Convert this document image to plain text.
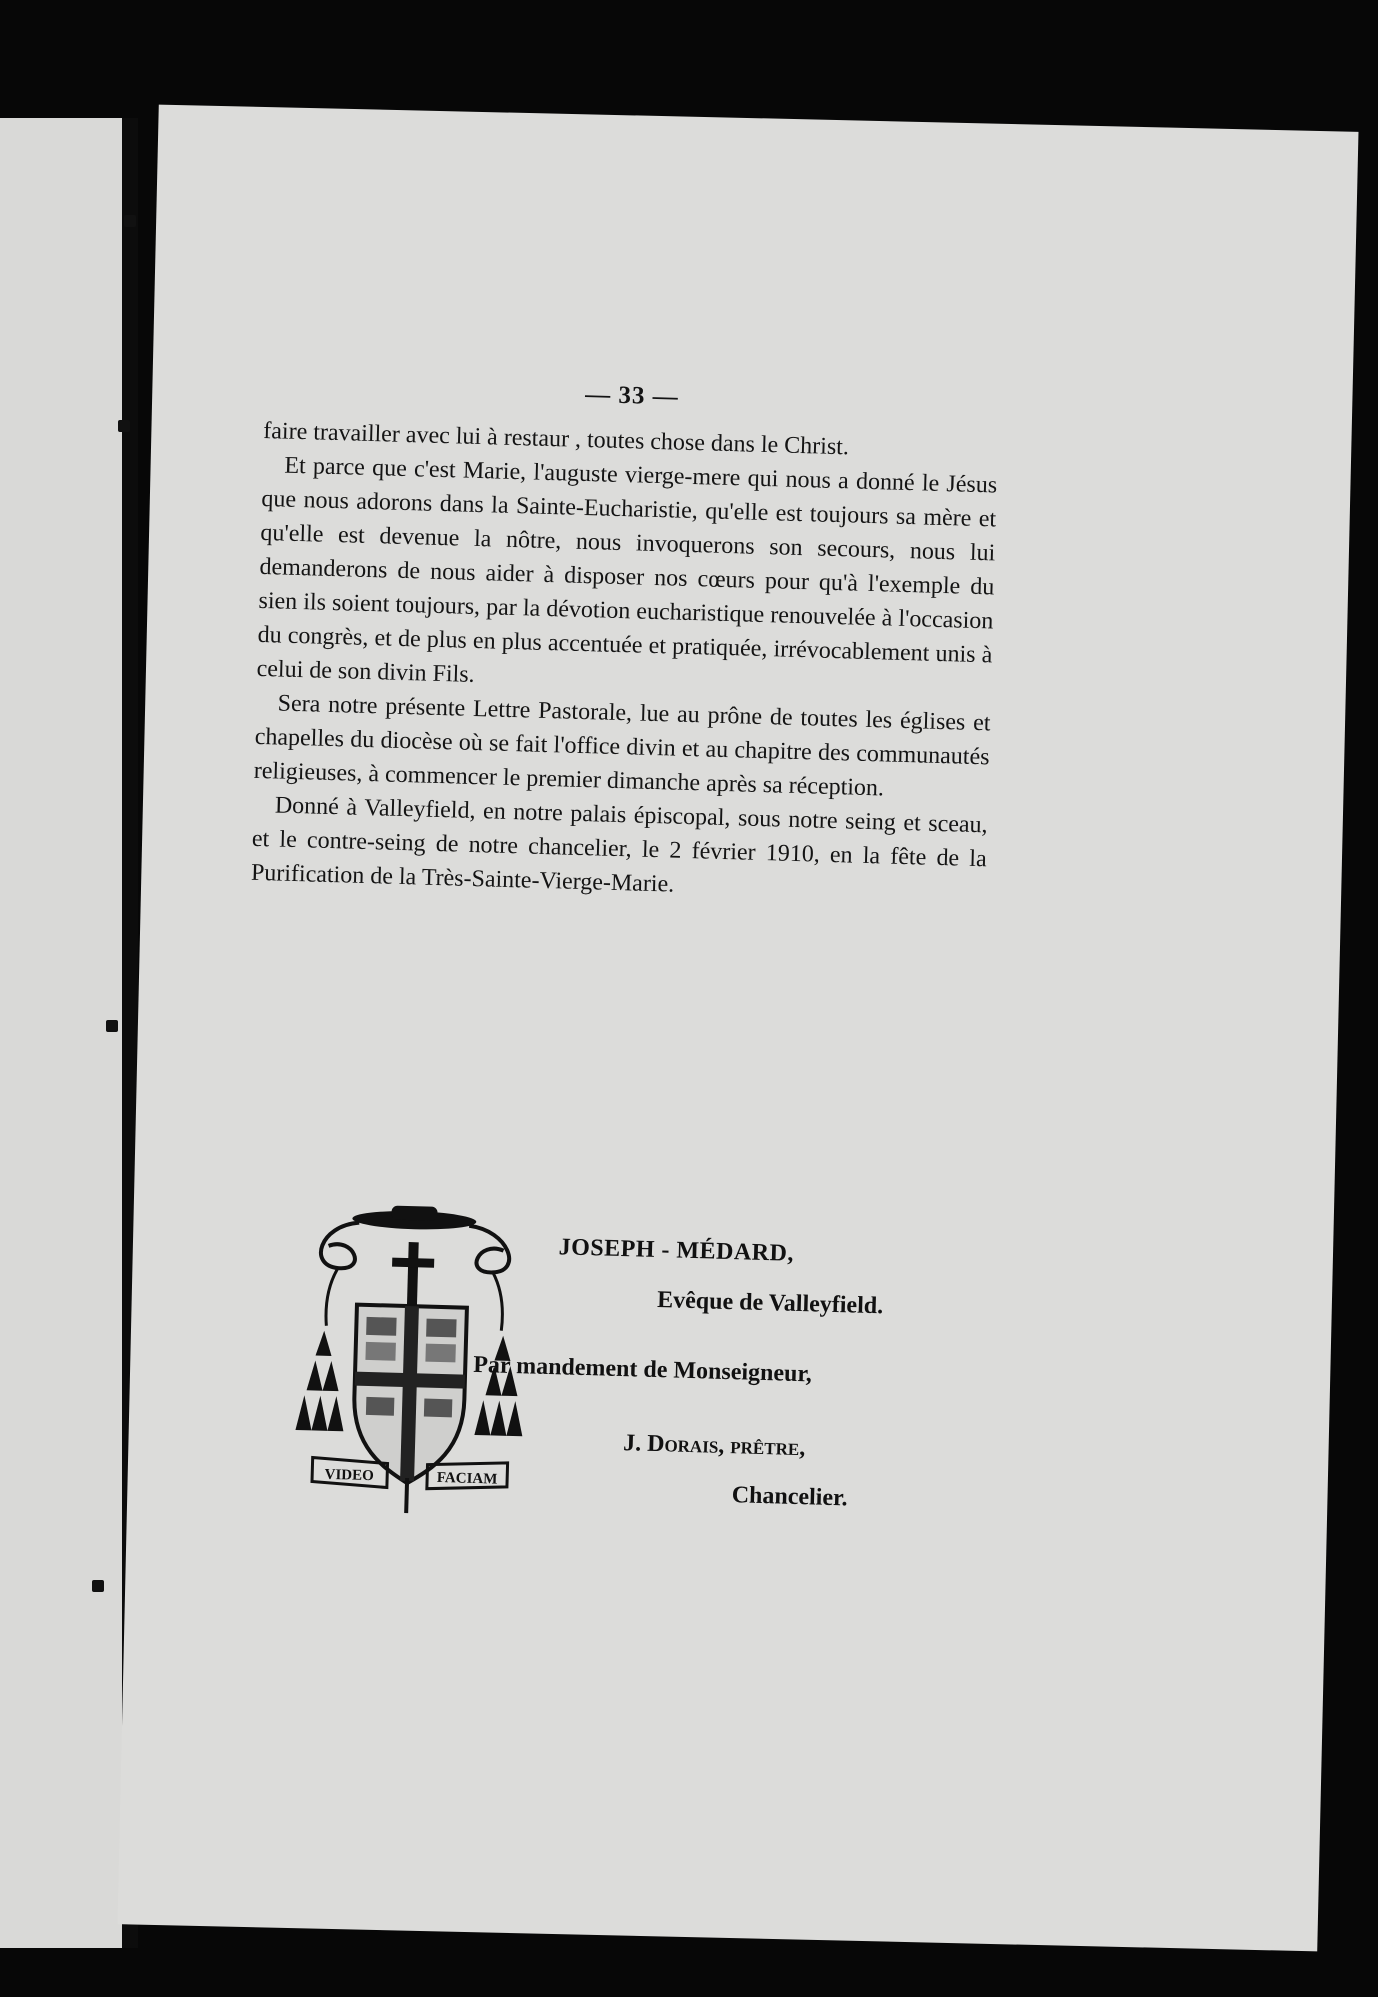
— 33 —

faire travailler avec lui à restaur , toutes chose dans le Christ.

Et parce que c'est Marie, l'auguste vierge-mere qui nous a donné le Jésus que nous adorons dans la Sainte-Eucharistie, qu'elle est toujours sa mère et qu'elle est devenue la nôtre, nous invoquerons son secours, nous lui demanderons de nous aider à disposer nos cœurs pour qu'à l'exemple du sien ils soient toujours, par la dévotion eucharistique renouvelée à l'occasion du congrès, et de plus en plus accentuée et pratiquée, irrévocablement unis à celui de son divin Fils.

Sera notre présente Lettre Pastorale, lue au prône de toutes les églises et chapelles du diocèse où se fait l'office divin et au chapitre des communautés religieuses, à commencer le premier dimanche après sa réception.

Donné à Valleyfield, en notre palais épiscopal, sous notre seing et sceau, et le contre-seing de notre chancelier, le 2 février 1910, en la fête de la Purification de la Très-Sainte-Vierge-Marie.

VIDEO	FACIAM
JOSEPH - MÉDARD,
Evêque de Valleyfield.
Par mandement de Monseigneur,
J. Dorais, prêtre,
Chancelier.
